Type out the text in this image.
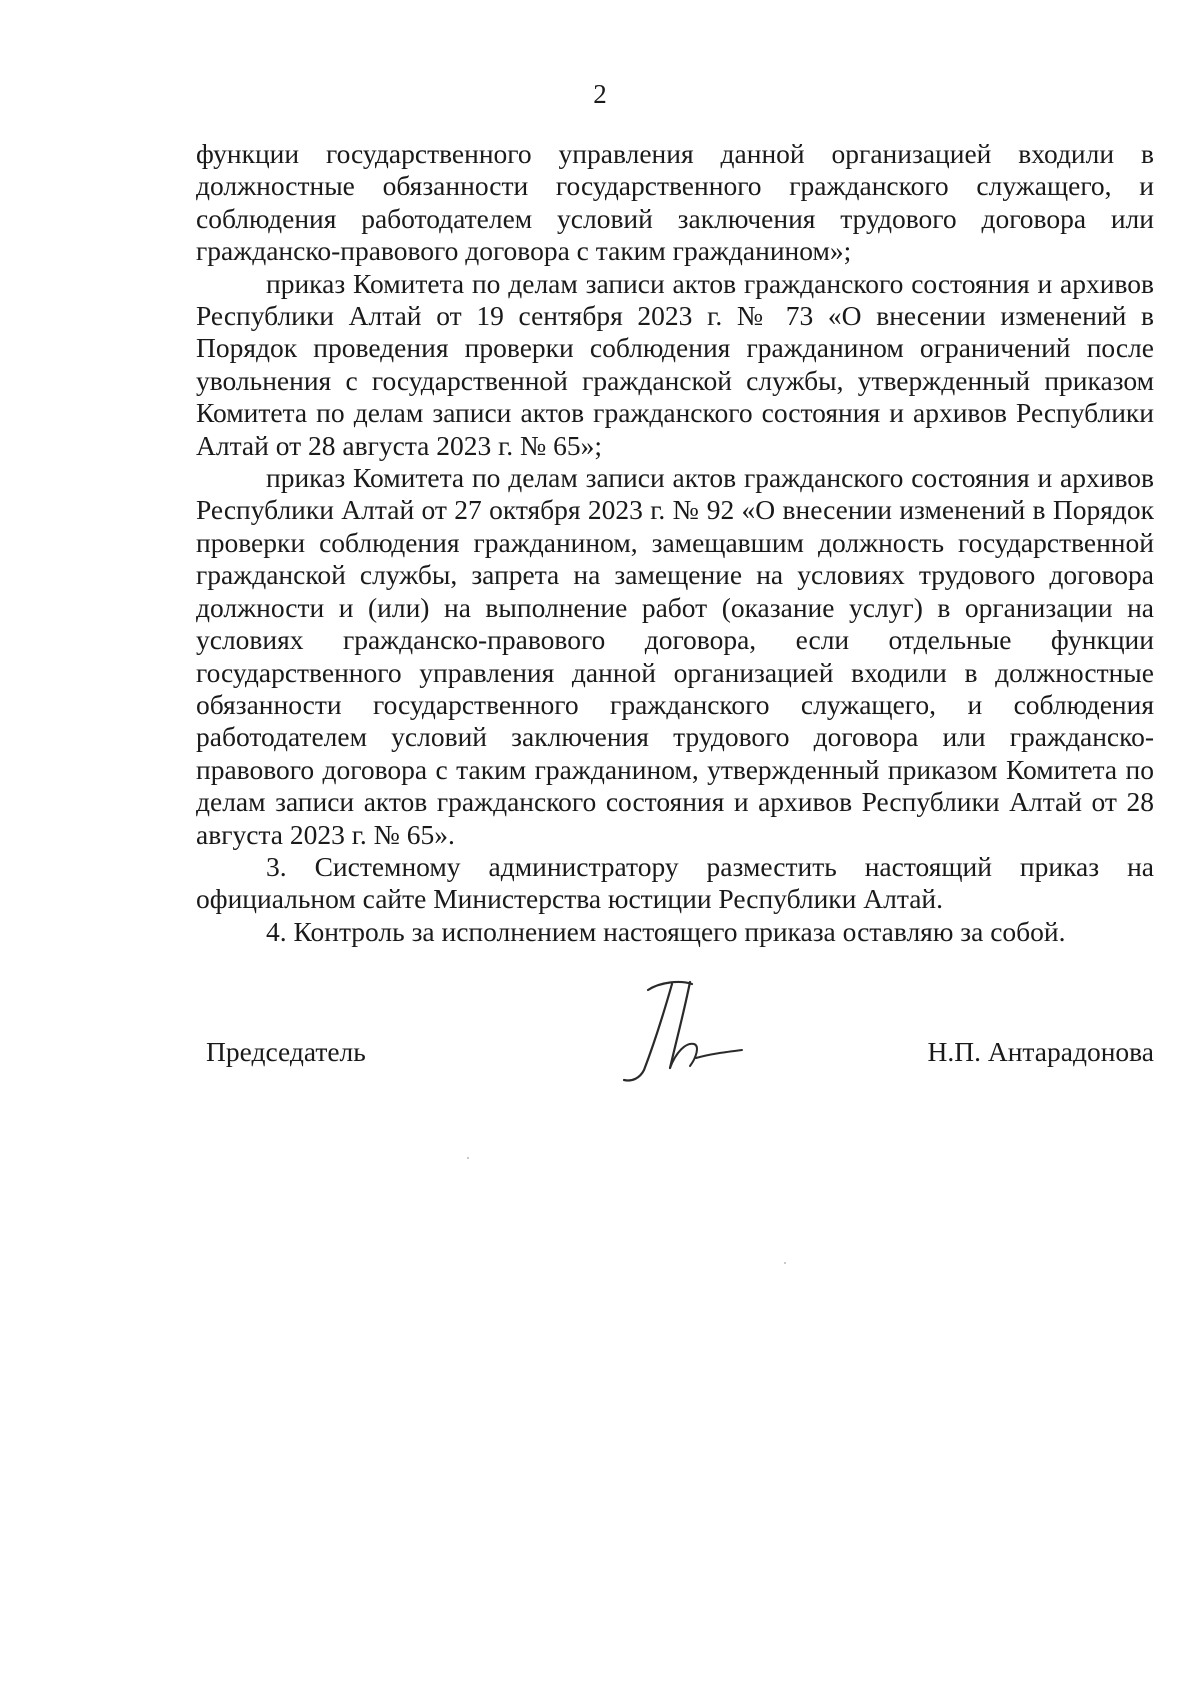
2

функции государственного управления данной организацией входили в должностные обязанности государственного гражданского служащего, и соблюдения работодателем условий заключения трудового договора или гражданско-правового договора с таким гражданином»;

приказ Комитета по делам записи актов гражданского состояния и архивов Республики Алтай от 19 сентября 2023 г. № 73 «О внесении изменений в Порядок проведения проверки соблюдения гражданином ограничений после увольнения с государственной гражданской службы, утвержденный приказом Комитета по делам записи актов гражданского состояния и архивов Республики Алтай от 28 августа 2023 г. № 65»;

приказ Комитета по делам записи актов гражданского состояния и архивов Республики Алтай от 27 октября 2023 г. № 92 «О внесении изменений в Порядок проверки соблюдения гражданином, замещавшим должность государственной гражданской службы, запрета на замещение на условиях трудового договора должности и (или) на выполнение работ (оказание услуг) в организации на условиях гражданско-правового договора, если отдельные функции государственного управления данной организацией входили в должностные обязанности государственного гражданского служащего, и соблюдения работодателем условий заключения трудового договора или гражданско-правового договора с таким гражданином, утвержденный приказом Комитета по делам записи актов гражданского состояния и архивов Республики Алтай от 28 августа 2023 г. № 65».

3. Системному администратору разместить настоящий приказ на официальном сайте Министерства юстиции Республики Алтай.

4. Контроль за исполнением настоящего приказа оставляю за собой.

Председатель	Н.П. Антарадонова
